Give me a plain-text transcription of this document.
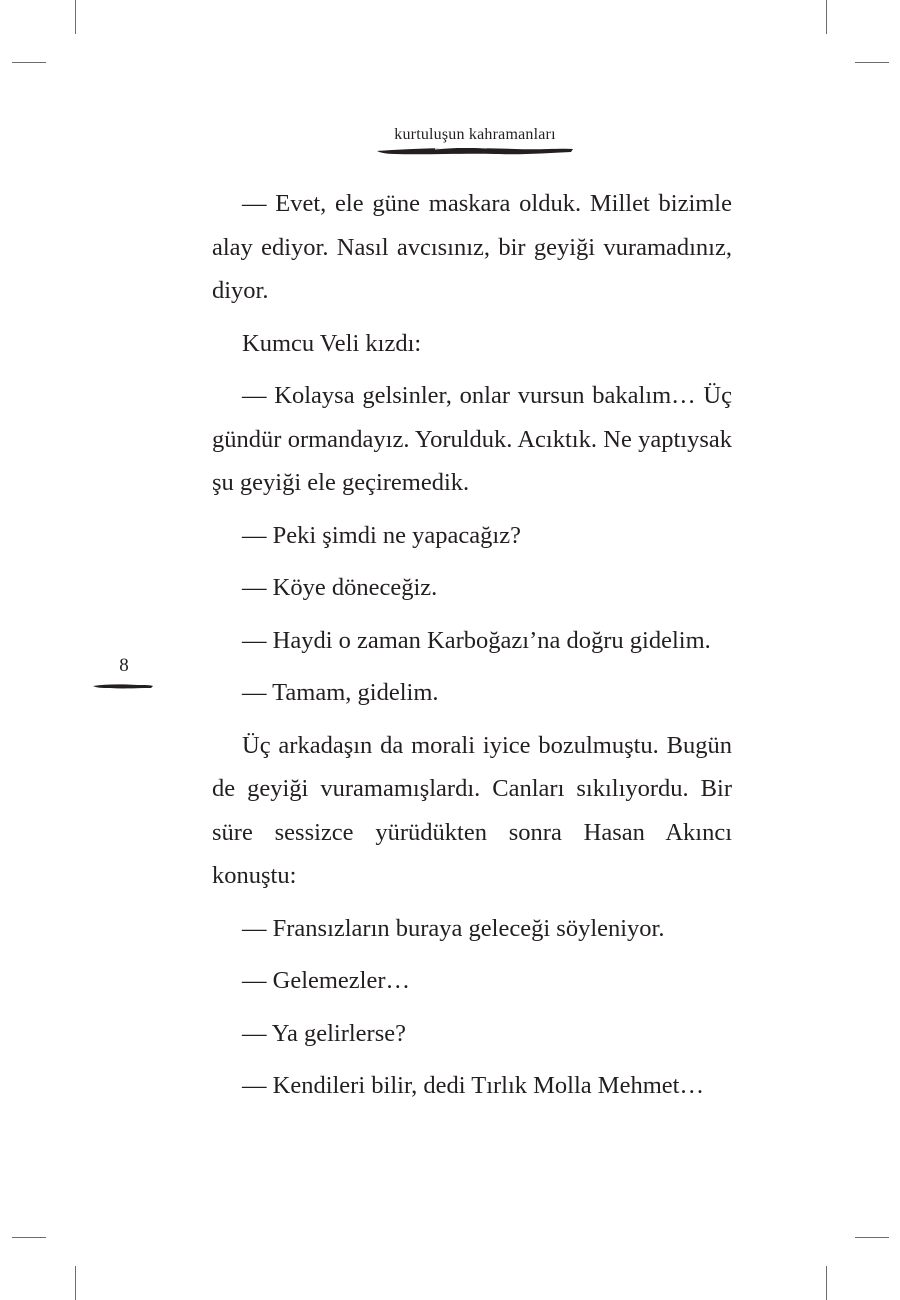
kurtuluşun kahramanları
8

— Evet, ele güne maskara olduk. Millet bizimle alay ediyor. Nasıl avcısınız, bir geyiği vuramadınız, diyor.

Kumcu Veli kızdı:

— Kolaysa gelsinler, onlar vursun bakalım… Üç gündür ormandayız. Yorulduk. Acıktık. Ne yaptıysak şu geyiği ele geçiremedik.

— Peki şimdi ne yapacağız?

— Köye döneceğiz.

— Haydi o zaman Karboğazı’na doğru gidelim.

— Tamam, gidelim.

Üç arkadaşın da morali iyice bozulmuştu. Bugün de geyiği vuramamışlardı. Canları sıkılıyordu. Bir süre sessizce yürüdükten sonra Hasan Akıncı konuştu:

— Fransızların buraya geleceği söyleniyor.

— Gelemezler…

— Ya gelirlerse?

— Kendileri bilir, dedi Tırlık Molla Mehmet…
